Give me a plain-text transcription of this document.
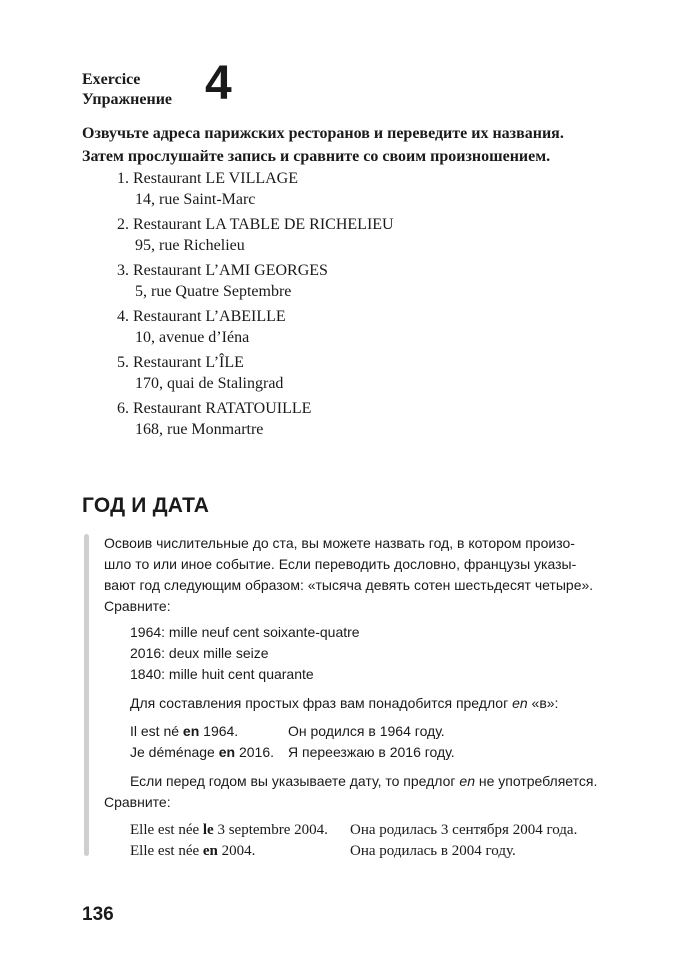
Exercice
Упражнение 4
Озвучьте адреса парижских ресторанов и переведите их названия.
Затем прослушайте запись и сравните со своим произношением.
1. Restaurant LE VILLAGE
14, rue Saint-Marc
2. Restaurant LA TABLE DE RICHELIEU
95, rue Richelieu
3. Restaurant L’AMI GEORGES
5, rue Quatre Septembre
4. Restaurant L’ABEILLE
10, avenue d’Iéna
5. Restaurant L’ÎLE
170, quai de Stalingrad
6. Restaurant RATATOUILLE
168, rue Monmartre
ГОД И ДАТА
Освоив числительные до ста, вы можете назвать год, в котором произо-
шло то или иное событие. Если переводить дословно, французы указы-
вают год следующим образом: «тысяча девять сотен шестьдесят четыре».
Сравните:
1964: mille neuf cent soixante-quatre
2016: deux mille seize
1840: mille huit cent quarante
Для составления простых фраз вам понадобится предлог en «в»:
Il est né en 1964.	Он родился в 1964 году.
Je déménage en 2016. Я переезжаю в 2016 году.
Если перед годом вы указываете дату, то предлог en не употребляется.
Сравните:
Elle est née le 3 septembre 2004.	Она родилась 3 сентября 2004 года.
Elle est née en 2004.	Она родилась в 2004 году.
136
